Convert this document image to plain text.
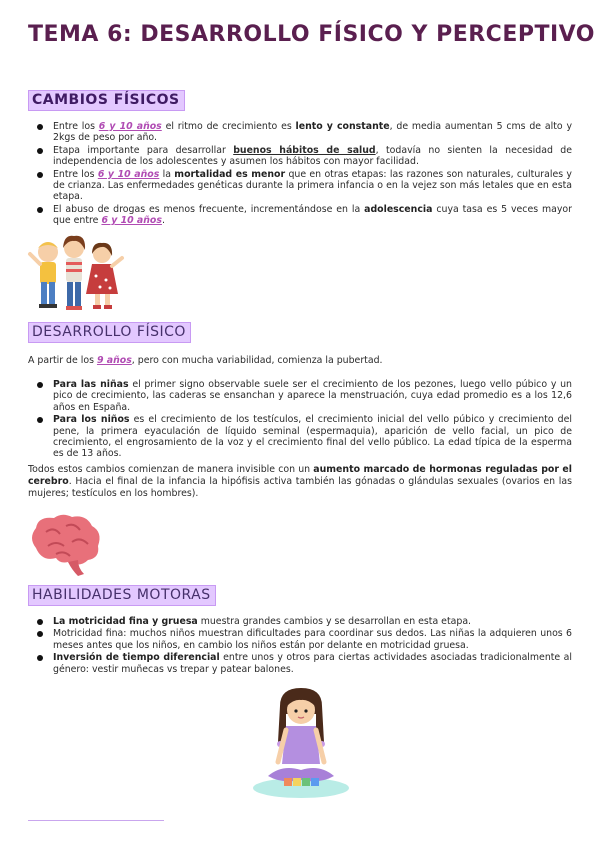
TEMA 6: DESARROLLO FÍSICO Y PERCEPTIVO
CAMBIOS FÍSICOS
Entre los 6 y 10 años el ritmo de crecimiento es lento y constante, de media aumentan 5 cms de alto y 2kgs de peso por año.
Etapa importante para desarrollar buenos hábitos de salud, todavía no sienten la necesidad de independencia de los adolescentes y asumen los hábitos con mayor facilidad.
Entre los 6 y 10 años la mortalidad es menor que en otras etapas: las razones son naturales, culturales y de crianza. Las enfermedades genéticas durante la primera infancia o en la vejez son más letales que en esta etapa.
El abuso de drogas es menos frecuente, incrementándose en la adolescencia cuya tasa es 5 veces mayor que entre 6 y 10 años.
DESARROLLO FÍSICO

A partir de los 9 años, pero con mucha variabilidad, comienza la pubertad.

Para las niñas el primer signo observable suele ser el crecimiento de los pezones, luego vello púbico y un pico de crecimiento, las caderas se ensanchan y aparece la menstruación, cuya edad promedio es a los 12,6 años en España.
Para los niños es el crecimiento de los testículos, el crecimiento inicial del vello púbico y crecimiento del pene, la primera eyaculación de líquido seminal (espermaquia), aparición de vello facial, un pico de crecimiento, el engrosamiento de la voz y el crecimiento final del vello público. La edad típica de la esperma es de 13 años.

Todos estos cambios comienzan de manera invisible con un aumento marcado de hormonas reguladas por el cerebro. Hacia el final de la infancia la hipófisis activa también las gónadas o glándulas sexuales (ovarios en las mujeres; testículos en los hombres).

HABILIDADES MOTORAS
La motricidad fina y gruesa muestra grandes cambios y se desarrollan en esta etapa.
Motricidad fina: muchos niños muestran dificultades para coordinar sus dedos. Las niñas la adquieren unos 6 meses antes que los niños, en cambio los niños están por delante en motricidad gruesa.
Inversión de tiempo diferencial entre unos y otros para ciertas actividades asociadas tradicionalmente al género: vestir muñecas vs trepar y patear balones.
